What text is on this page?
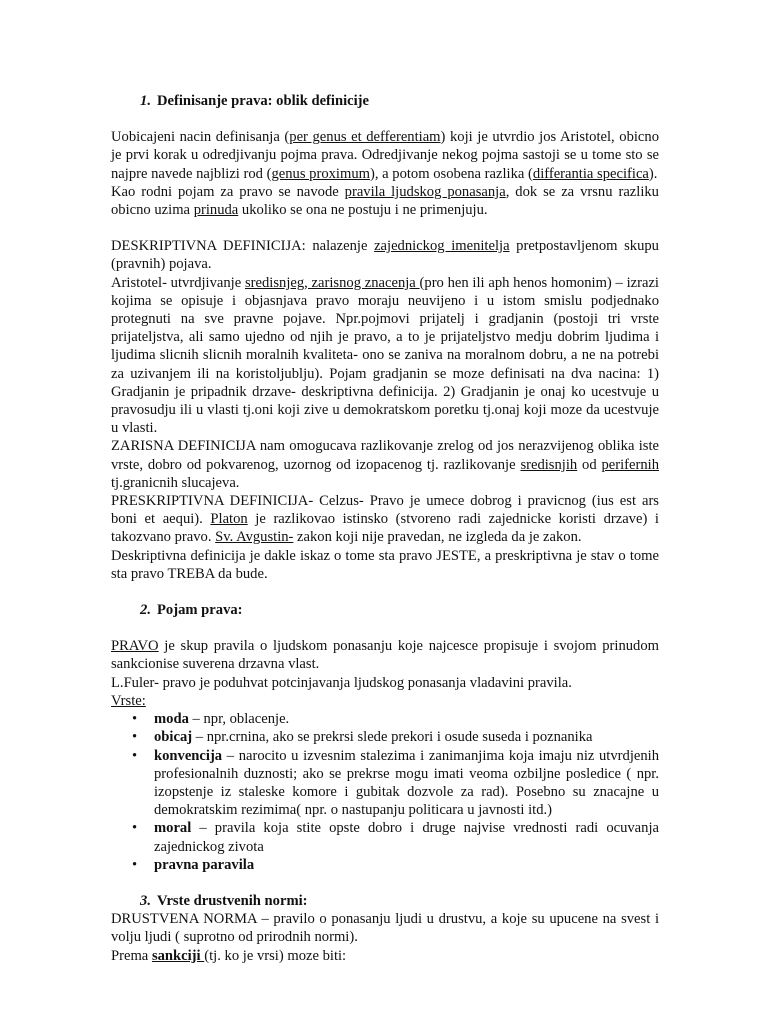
1. Definisanje prava: oblik definicije

Uobicajeni nacin definisanja (per genus et defferentiam) koji je utvrdio jos Aristotel, obicno je prvi korak u odredjivanju pojma prava. Odredjivanje nekog pojma sastoji se u tome sto se najpre navede najblizi rod (genus proximum), a potom osobena razlika (differantia specifica).

Kao rodni pojam za pravo se navode pravila ljudskog ponasanja, dok se za vrsnu razliku obicno uzima prinuda ukoliko se ona ne postuju i ne primenjuju.

DESKRIPTIVNA DEFINICIJA: nalazenje zajednickog imenitelja pretpostavljenom skupu (pravnih) pojava.

Aristotel- utvrdjivanje sredisnjeg, zarisnog znacenja (pro hen ili aph henos homonim) – izrazi kojima se opisuje i objasnjava pravo moraju neuvijeno i u istom smislu podjednako protegnuti na sve pravne pojave. Npr.pojmovi prijatelj i gradjanin (postoji tri vrste prijateljstva, ali samo ujedno od njih je pravo, a to je prijateljstvo medju dobrim ljudima i ljudima slicnih slicnih moralnih kvaliteta- ono se zaniva na moralnom dobru, a ne na potrebi za uzivanjem ili na koristoljublju). Pojam gradjanin se moze definisati na dva nacina: 1) Gradjanin je pripadnik drzave- deskriptivna definicija. 2) Gradjanin je onaj ko ucestvuje u pravosudju ili u vlasti tj.oni koji zive u demokratskom poretku tj.onaj koji moze da ucestvuje u vlasti.

ZARISNA DEFINICIJA nam omogucava razlikovanje zrelog od jos nerazvijenog oblika iste vrste, dobro od pokvarenog, uzornog od izopacenog tj. razlikovanje sredisnjih od perifernih tj.granicnih slucajeva.

PRESKRIPTIVNA DEFINICIJA- Celzus- Pravo je umece dobrog i pravicnog (ius est ars boni et aequi). Platon je razlikovao istinsko (stvoreno radi zajednicke koristi drzave) i takozvano pravo. Sv. Avgustin- zakon koji nije pravedan, ne izgleda da je zakon.

Deskriptivna definicija je dakle iskaz o tome sta pravo JESTE, a preskriptivna je stav o tome sta pravo TREBA da bude.

2. Pojam prava:

PRAVO je skup pravila o ljudskom ponasanju koje najcesce propisuje i svojom prinudom sankcionise suverena drzavna vlast.

L.Fuler- pravo je poduhvat potcinjavanja ljudskog ponasanja vladavini pravila.

Vrste:

• moda – npr, oblacenje.
• obicaj – npr.crnina, ako se prekrsi slede prekori i osude suseda i poznanika
• konvencija – narocito u izvesnim stalezima i zanimanjima koja imaju niz utvrdjenih profesionalnih duznosti; ako se prekrse mogu imati veoma ozbiljne posledice ( npr. izopstenje iz staleske komore i gubitak dozvole za rad). Posebno su znacajne u demokratskim rezimima( npr. o nastupanju politicara u javnosti itd.)
• moral – pravila koja stite opste dobro i druge najvise vrednosti radi ocuvanja zajednickog zivota
• pravna paravila
3. Vrste drustvenih normi:

DRUSTVENA NORMA – pravilo o ponasanju ljudi u drustvu, a koje su upucene na svest i volju ljudi ( suprotno od prirodnih normi).

Prema sankciji (tj. ko je vrsi) moze biti:
